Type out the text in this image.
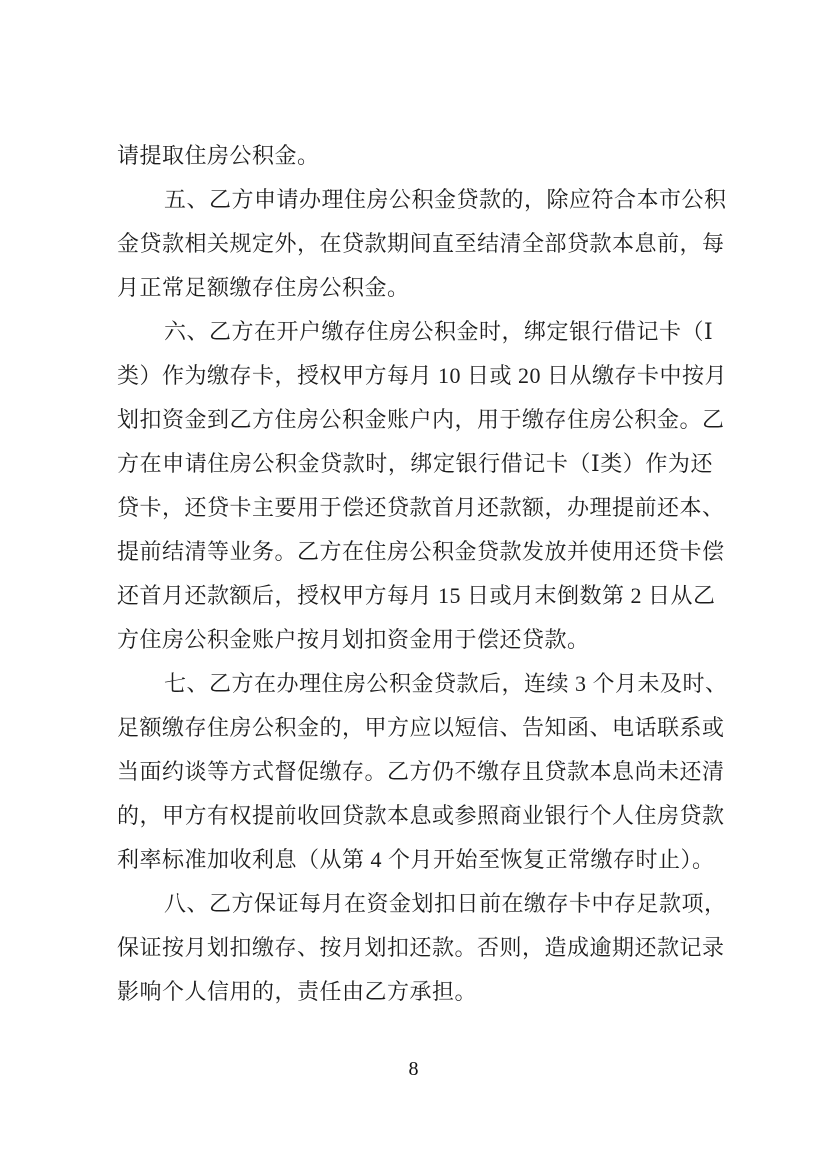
请提取住房公积金。
五、乙方申请办理住房公积金贷款的，除应符合本市公积
金贷款相关规定外，在贷款期间直至结清全部贷款本息前，每
月正常足额缴存住房公积金。
六、乙方在开户缴存住房公积金时，绑定银行借记卡（Ⅰ
类）作为缴存卡，授权甲方每月 10 日或 20 日从缴存卡中按月
划扣资金到乙方住房公积金账户内，用于缴存住房公积金。乙
方在申请住房公积金贷款时，绑定银行借记卡（Ⅰ类）作为还
贷卡，还贷卡主要用于偿还贷款首月还款额，办理提前还本、
提前结清等业务。乙方在住房公积金贷款发放并使用还贷卡偿
还首月还款额后，授权甲方每月 15 日或月末倒数第 2 日从乙
方住房公积金账户按月划扣资金用于偿还贷款。
七、乙方在办理住房公积金贷款后，连续 3 个月未及时、
足额缴存住房公积金的，甲方应以短信、告知函、电话联系或
当面约谈等方式督促缴存。乙方仍不缴存且贷款本息尚未还清
的，甲方有权提前收回贷款本息或参照商业银行个人住房贷款
利率标准加收利息（从第 4 个月开始至恢复正常缴存时止）。
八、乙方保证每月在资金划扣日前在缴存卡中存足款项，
保证按月划扣缴存、按月划扣还款。否则，造成逾期还款记录
影响个人信用的，责任由乙方承担。
8
